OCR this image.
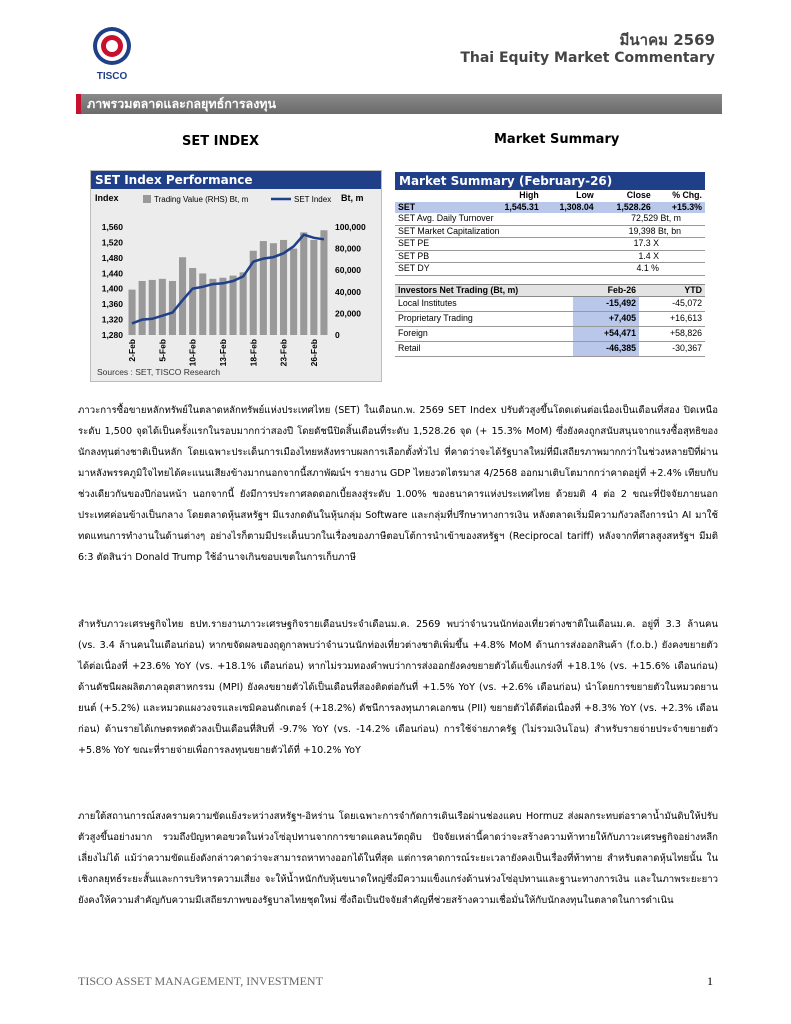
TISCO
มีนาคม 2569
Thai Equity Market Commentary
ภาพรวมตลาดและกลยุทธ์การลงทุน
SET INDEX	Market Summary
SET Index Performance
Index	Bt, m
Trading Value (RHS) Bt, m	SET Index
1,280
1,320
1,360
1,400
1,440
1,480
1,520
1,560
0
20,000
40,000
60,000
80,000
100,000
2-Feb 5-Feb 10-Feb 13-Feb 18-Feb 23-Feb 26-Feb
Sources : SET, TISCO Research
Market Summary (February-26)
	High	Low	Close	% Chg.
SET	1,545.31	1,308.04	1,528.26	+15.3%
SET Avg. Daily Turnover			72,529 Bt, m	
SET Market Capitalization			19,398 Bt, bn	
SET PE			17.3 X	
SET PB			1.4 X	
SET DY			4.1 %	
Investors Net Trading (Bt, m)	Feb-26	YTD
Local Institutes	-15,492	-45,072
Proprietary Trading	+7,405	+16,613
Foreign	+54,471	+58,826
Retail	-46,385	-30,367
ภาวะการซื้อขายหลักทรัพย์ในตลาดหลักทรัพย์แห่งประเทศไทย (SET) ในเดือนก.พ. 2569 SET Index ปรับตัวสูงขึ้นโดดเด่นต่อเนื่องเป็นเดือนที่สอง ปิดเหนือระดับ 1,500 จุดได้เป็นครั้งแรกในรอบมากกว่าสองปี โดยดัชนีปิดสิ้นเดือนที่ระดับ 1,528.26 จุด (+ 15.3% MoM) ซึ่งยังคงถูกสนับสนุนจากแรงซื้อสุทธิของนักลงทุนต่างชาติเป็นหลัก โดยเฉพาะประเด็นการเมืองไทยหลังทราบผลการเลือกตั้งทั่วไป ที่คาดว่าจะได้รัฐบาลใหม่ที่มีเสถียรภาพมากกว่าในช่วงหลายปีที่ผ่านมาหลังพรรคภูมิใจไทยได้คะแนนเสียงข้างมากนอกจากนี้สภาพัฒน์ฯ รายงาน GDP ไทยงวดไตรมาส 4/2568 ออกมาเติบโตมากกว่าคาดอยู่ที่ +2.4% เทียบกับช่วงเดียวกันของปีก่อนหน้า นอกจากนี้ ยังมีการประกาศลดดอกเบี้ยลงสู่ระดับ 1.00% ของธนาคารแห่งประเทศไทย ด้วยมติ 4 ต่อ 2 ขณะที่ปัจจัยภายนอกประเทศค่อนข้างเป็นกลาง โดยตลาดหุ้นสหรัฐฯ มีแรงกดดันในหุ้นกลุ่ม Software และกลุ่มที่ปรึกษาทางการเงิน หลังตลาดเริ่มมีความกังวลถึงการนำ AI มาใช้ทดแทนการทำงานในด้านต่างๆ อย่างไรก็ตามมีประเด็นบวกในเรื่องของภาษีตอบโต้การนำเข้าของสหรัฐฯ (Reciprocal tariff) หลังจากที่ศาลสูงสหรัฐฯ มีมติ 6:3 ตัดสินว่า Donald Trump ใช้อำนาจเกินขอบเขตในการเก็บภาษี
สำหรับภาวะเศรษฐกิจไทย ธปท.รายงานภาวะเศรษฐกิจรายเดือนประจำเดือนม.ค. 2569 พบว่าจำนวนนักท่องเที่ยวต่างชาติในเดือนม.ค. อยู่ที่ 3.3 ล้านคน (vs. 3.4 ล้านคนในเดือนก่อน) หากขจัดผลของฤดูกาลพบว่าจำนวนนักท่องเที่ยวต่างชาติเพิ่มขึ้น +4.8% MoM ด้านการส่งออกสินค้า (f.o.b.) ยังคงขยายตัวได้ต่อเนื่องที่ +23.6% YoY (vs. +18.1% เดือนก่อน) หากไม่รวมทองคำพบว่าการส่งออกยังคงขยายตัวได้แข็งแกร่งที่ +18.1% (vs. +15.6% เดือนก่อน) ด้านดัชนีผลผลิตภาคอุตสาหกรรม (MPI) ยังคงขยายตัวได้เป็นเดือนที่สองติดต่อกันที่ +1.5% YoY (vs. +2.6% เดือนก่อน) นำโดยการขยายตัวในหมวดยานยนต์ (+5.2%) และหมวดแผงวงจรและเซมิคอนดักเตอร์ (+18.2%) ดัชนีการลงทุนภาคเอกชน (PII) ขยายตัวได้ดีต่อเนื่องที่ +8.3% YoY (vs. +2.3% เดือนก่อน) ด้านรายได้เกษตรหดตัวลงเป็นเดือนที่สิบที่ -9.7% YoY (vs. -14.2% เดือนก่อน) การใช้จ่ายภาครัฐ (ไม่รวมเงินโอน) สำหรับรายจ่ายประจำขยายตัว +5.8% YoY ขณะที่รายจ่ายเพื่อการลงทุนขยายตัวได้ที่ +10.2% YoY
ภายใต้สถานการณ์สงครามความขัดแย้งระหว่างสหรัฐฯ-อิหร่าน โดยเฉพาะการจำกัดการเดินเรือผ่านช่องแคบ Hormuz ส่งผลกระทบต่อราคาน้ำมันดิบให้ปรับตัวสูงขึ้นอย่างมาก รวมถึงปัญหาคอขวดในห่วงโซ่อุปทานจากการขาดแคลนวัตถุดิบ ปัจจัยเหล่านี้คาดว่าจะสร้างความท้าทายให้กับภาวะเศรษฐกิจอย่างหลีกเลี่ยงไม่ได้ แม้ว่าความขัดแย้งดังกล่าวคาดว่าจะสามารถหาทางออกได้ในที่สุด แต่การคาดการณ์ระยะเวลายังคงเป็นเรื่องที่ท้าทาย สำหรับตลาดหุ้นไทยนั้น ในเชิงกลยุทธ์ระยะสั้นและการบริหารความเสี่ยง จะให้น้ำหนักกับหุ้นขนาดใหญ่ซึ่งมีความแข็งแกร่งด้านห่วงโซ่อุปทานและฐานะทางการเงิน และในภาพระยะยาวยังคงให้ความสำคัญกับความมีเสถียรภาพของรัฐบาลไทยชุดใหม่ ซึ่งถือเป็นปัจจัยสำคัญที่ช่วยสร้างความเชื่อมั่นให้กับนักลงทุนในตลาดในการดำเนิน
TISCO ASSET MANAGEMENT, INVESTMENT	1
